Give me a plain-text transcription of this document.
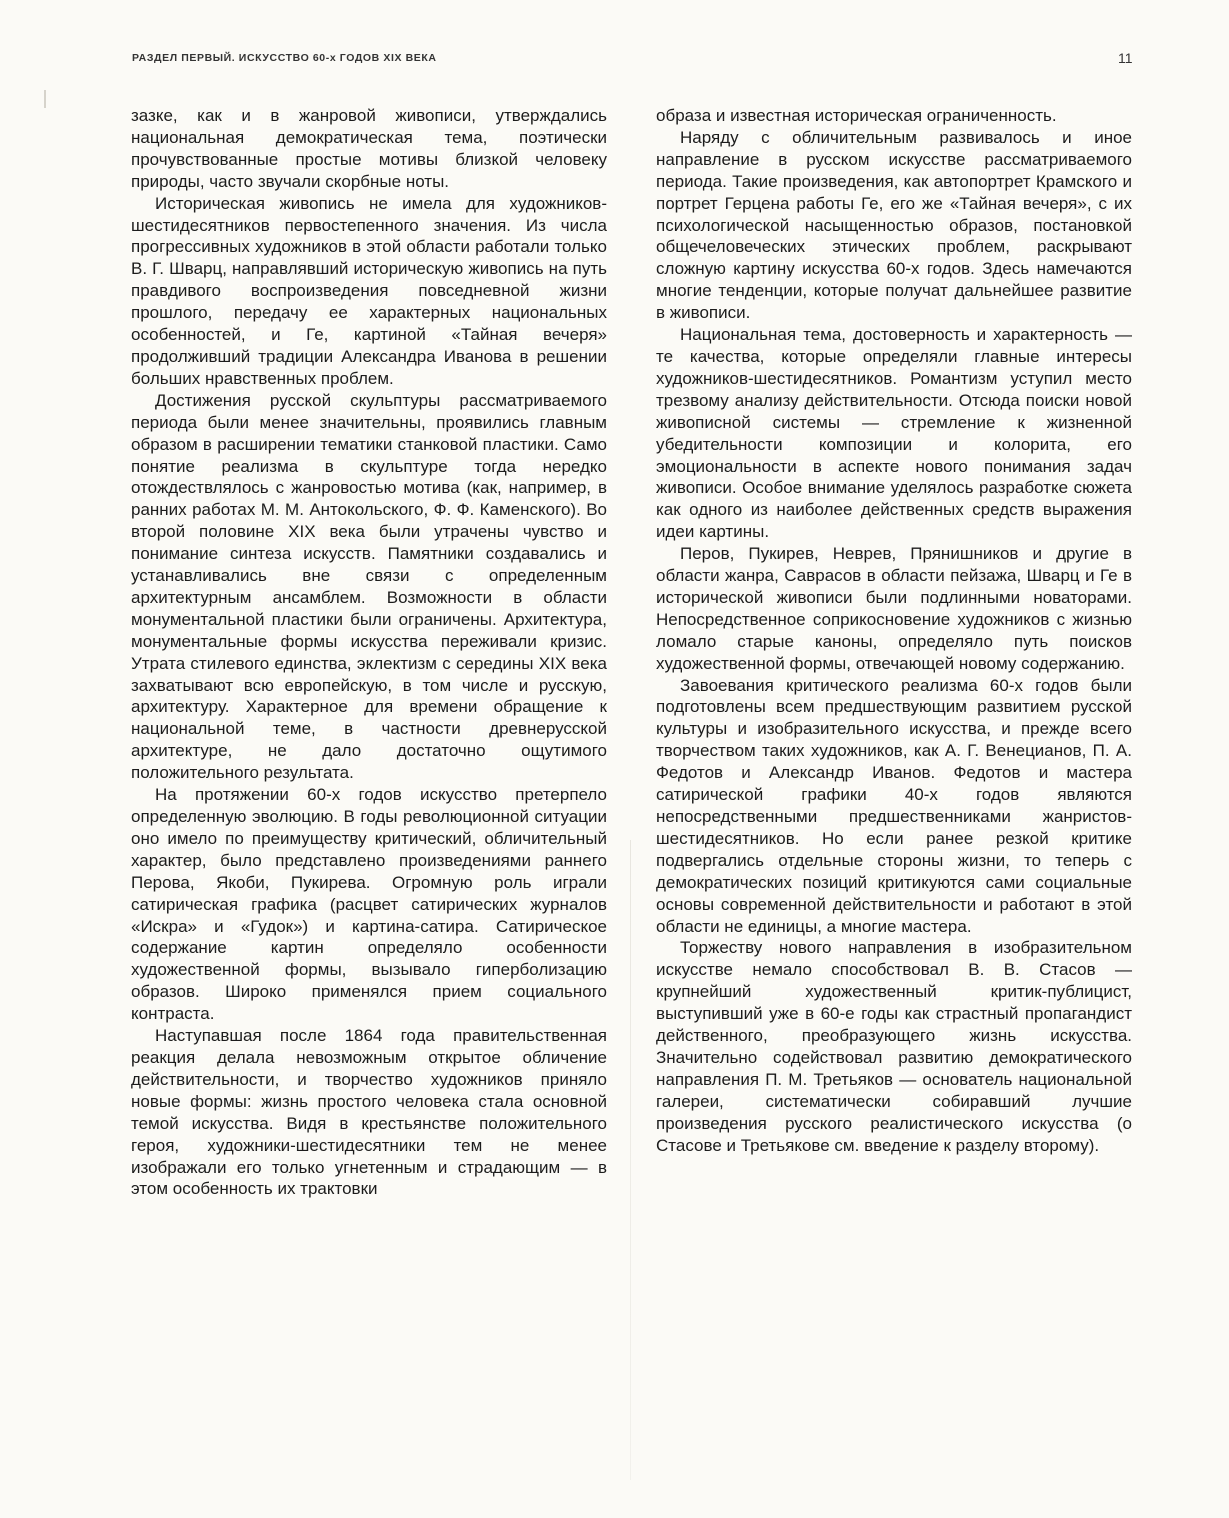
РАЗДЕЛ ПЕРВЫЙ. ИСКУССТВО 60-х ГОДОВ XIX ВЕКА	11

зазке, как и в жанровой живописи, утверждались национальная демократическая тема, поэтически прочувствованные простые мотивы близкой человеку природы, часто звучали скорбные ноты.

Историческая живопись не имела для художников-шестидесятников первостепенного значения. Из числа прогрессивных художников в этой области работали только В. Г. Шварц, направлявший историческую живопись на путь правдивого воспроизведения повседневной жизни прошлого, передачу ее характерных национальных особенностей, и Ге, картиной «Тайная вечеря» продолживший традиции Александра Иванова в решении больших нравственных проблем.

Достижения русской скульптуры рассматриваемого периода были менее значительны, проявились главным образом в расширении тематики станковой пластики. Само понятие реализма в скульптуре тогда нередко отождествлялось с жанровостью мотива (как, например, в ранних работах М. М. Антокольского, Ф. Ф. Каменского). Во второй половине XIX века были утрачены чувство и понимание синтеза искусств. Памятники создавались и устанавливались вне связи с определенным архитектурным ансамблем. Возможности в области монументальной пластики были ограничены. Архитектура, монументальные формы искусства переживали кризис. Утрата стилевого единства, эклектизм с середины XIX века захватывают всю европейскую, в том числе и русскую, архитектуру. Характерное для времени обращение к национальной теме, в частности древнерусской архитектуре, не дало достаточно ощутимого положительного результата.

На протяжении 60-х годов искусство претерпело определенную эволюцию. В годы революционной ситуации оно имело по преимуществу критический, обличительный характер, было представлено произведениями раннего Перова, Якоби, Пукирева. Огромную роль играли сатирическая графика (расцвет сатирических журналов «Искра» и «Гудок») и картина-сатира. Сатирическое содержание картин определяло особенности художественной формы, вызывало гиперболизацию образов. Широко применялся прием социального контраста.

Наступавшая после 1864 года правительственная реакция делала невозможным открытое обличение действительности, и творчество художников приняло новые формы: жизнь простого человека стала основной темой искусства. Видя в крестьянстве положительного героя, художники-шестидесятники тем не менее изображали его только угнетенным и страдающим — в этом особенность их трактовки

образа и известная историческая ограниченность.

Наряду с обличительным развивалось и иное направление в русском искусстве рассматриваемого периода. Такие произведения, как автопортрет Крамского и портрет Герцена работы Ге, его же «Тайная вечеря», с их психологической насыщенностью образов, постановкой общечеловеческих этических проблем, раскрывают сложную картину искусства 60-х годов. Здесь намечаются многие тенденции, которые получат дальнейшее развитие в живописи.

Национальная тема, достоверность и характерность — те качества, которые определяли главные интересы художников-шестидесятников. Романтизм уступил место трезвому анализу действительности. Отсюда поиски новой живописной системы — стремление к жизненной убедительности композиции и колорита, его эмоциональности в аспекте нового понимания задач живописи. Особое внимание уделялось разработке сюжета как одного из наиболее действенных средств выражения идеи картины.

Перов, Пукирев, Неврев, Прянишников и другие в области жанра, Саврасов в области пейзажа, Шварц и Ге в исторической живописи были подлинными новаторами. Непосредственное соприкосновение художников с жизнью ломало старые каноны, определяло путь поисков художественной формы, отвечающей новому содержанию.

Завоевания критического реализма 60-х годов были подготовлены всем предшествующим развитием русской культуры и изобразительного искусства, и прежде всего творчеством таких художников, как А. Г. Венецианов, П. А. Федотов и Александр Иванов. Федотов и мастера сатирической графики 40-х годов являются непосредственными предшественниками жанристов-шестидесятников. Но если ранее резкой критике подвергались отдельные стороны жизни, то теперь с демократических позиций критикуются сами социальные основы современной действительности и работают в этой области не единицы, а многие мастера.

Торжеству нового направления в изобразительном искусстве немало способствовал В. В. Стасов — крупнейший художественный критик-публицист, выступивший уже в 60-е годы как страстный пропагандист действенного, преобразующего жизнь искусства. Значительно содействовал развитию демократического направления П. М. Третьяков — основатель национальной галереи, систематически собиравший лучшие произведения русского реалистического искусства (о Стасове и Третьякове см. введение к разделу второму).
